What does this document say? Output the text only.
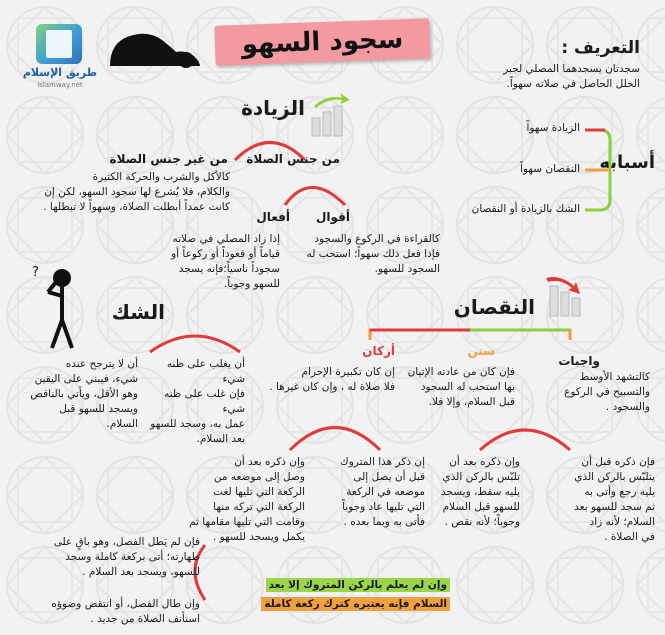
طريق الإسلام
islamway.net
سجود السهو	التعريف :
سجدتان يسجدهما المصلي لجبر
الخلل الحاصل في صلاته سهواً.
أسبابه
الزيادة سهواً
النقصان سهواً
الشك بالزيادة أو النقصان
?
الزيادة
من جنس الصلاة
من غير جنس الصلاة
كالأكل والشرب والحركة الكثيرة
والكلام، فلا يُشرع لها سجود السهو، لكن إن
كانت عمداً أبطلت الصلاة، وسهواً لا تبطلها .
أقوال
أفعال
كالقراءة في الركوع والسجود
فإذا فعل ذلك سهواً؛ استحب له
السجود للسهو.
إذا زاد المصلي في صلاته
قياماً أو قعوداً أو ركوعاً أو
سجوداً ناسياً؛فإنه يسجد
للسهو وجوباً.
الشك
أن يغلب على ظنه شيء
فإن غلب على ظنه شيء
عمل به، وسجد للسهو
بعد السلام.
أن لا يترجح عنده
شيء، فيبني على اليقين
وهو الأقل، ويأتي بالناقص
ويسجد للسهو قبل
السلام.
النقصان
أركان	سنن
واجبات
إن كان تكبيرة الإحرام
فلا صلاة له ، وإن كان غيرها .
فإن كان من عادته الإتيان
بها استحب له السجود
قبل السلام، وإلا فلا.
كالتشهد الأوسط
والتسبيح في الركوع
والسجود .
إن ذكر هذا المتروك
قبل أن يصل إلى
موضعه في الركعة
التي تليها عاد وجوباً
فأتى به وبما بعده .
وإن ذكره بعد أن
وصل إلى موضعه من
الركعة التي تليها لغت
الركعة التي تركه منها
وقامت التي تليها مقامها ثم
يكمل ويسجد للسهو .
فإن ذكره قبل أن
يتلبّس بالركن الذي
يليه رجع وأتى به
ثم سجد للسهو بعد
السلام؛ لأنه زاد
في الصلاة .
وإن ذكره بعد أن
تلبّس بالركن الذي
يليه سقط، ويسجد
للسهو قبل السلام
وجوباً؛ لأنه نقص .
وإن لم يعلم بالركن المتروك إلا بعد
السلام فإنه يعتبره كترك ركعة كاملة
فإن لم يَطل الفصل، وهو باقٍ على
طهارته؛ أتى بركعة كاملة وسجد
للسهو، ويسجد بعد السلام .
وإن طال الفصل، أو انتقض وضوؤه
استأنف الصلاة من جديد .
